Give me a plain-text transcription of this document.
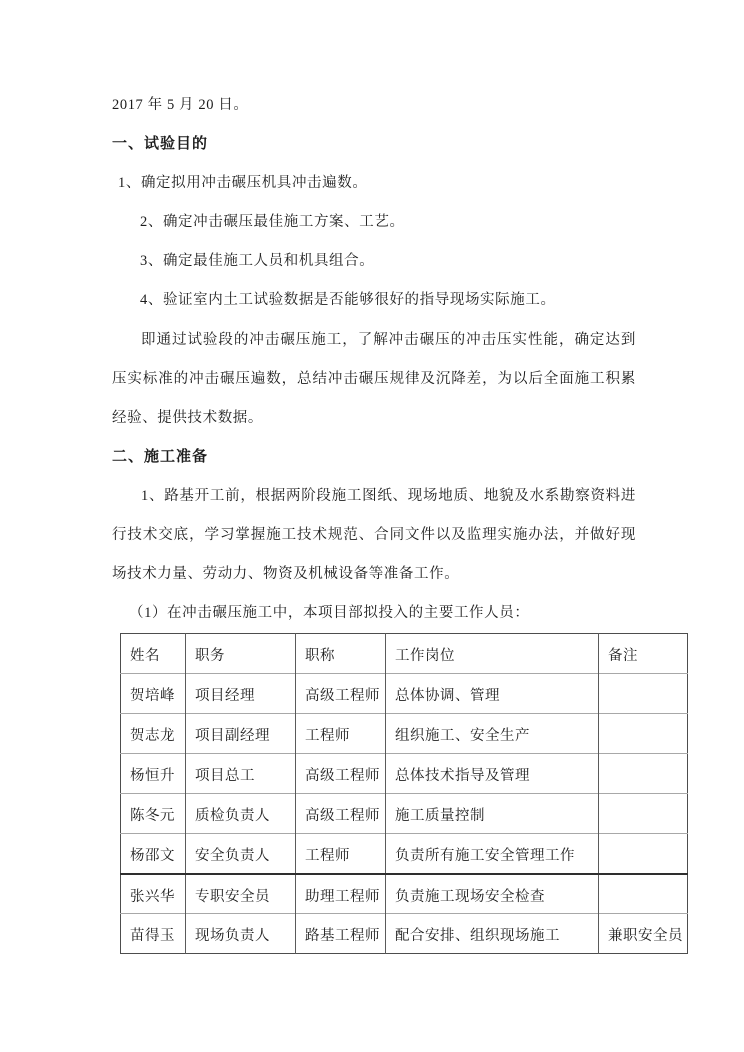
2017 年 5 月 20 日。
一、试验目的
1、确定拟用冲击碾压机具冲击遍数。
2、确定冲击碾压最佳施工方案、工艺。
3、确定最佳施工人员和机具组合。
4、验证室内土工试验数据是否能够很好的指导现场实际施工。
即通过试验段的冲击碾压施工，了解冲击碾压的冲击压实性能，确定达到压实标准的冲击碾压遍数，总结冲击碾压规律及沉降差，为以后全面施工积累经验、提供技术数据。
二、施工准备
1、路基开工前，根据两阶段施工图纸、现场地质、地貌及水系勘察资料进行技术交底，学习掌握施工技术规范、合同文件以及监理实施办法，并做好现场技术力量、劳动力、物资及机械设备等准备工作。
（1）在冲击碾压施工中，本项目部拟投入的主要工作人员：
姓名	职务	职称	工作岗位	备注
贺培峰	项目经理	高级工程师	总体协调、管理	
贺志龙	项目副经理	工程师	组织施工、安全生产	
杨恒升	项目总工	高级工程师	总体技术指导及管理	
陈冬元	质检负责人	高级工程师	施工质量控制	
杨邵文	安全负责人	工程师	负责所有施工安全管理工作	
张兴华	专职安全员	助理工程师	负责施工现场安全检查	
苗得玉	现场负责人	路基工程师	配合安排、组织现场施工	兼职安全员
